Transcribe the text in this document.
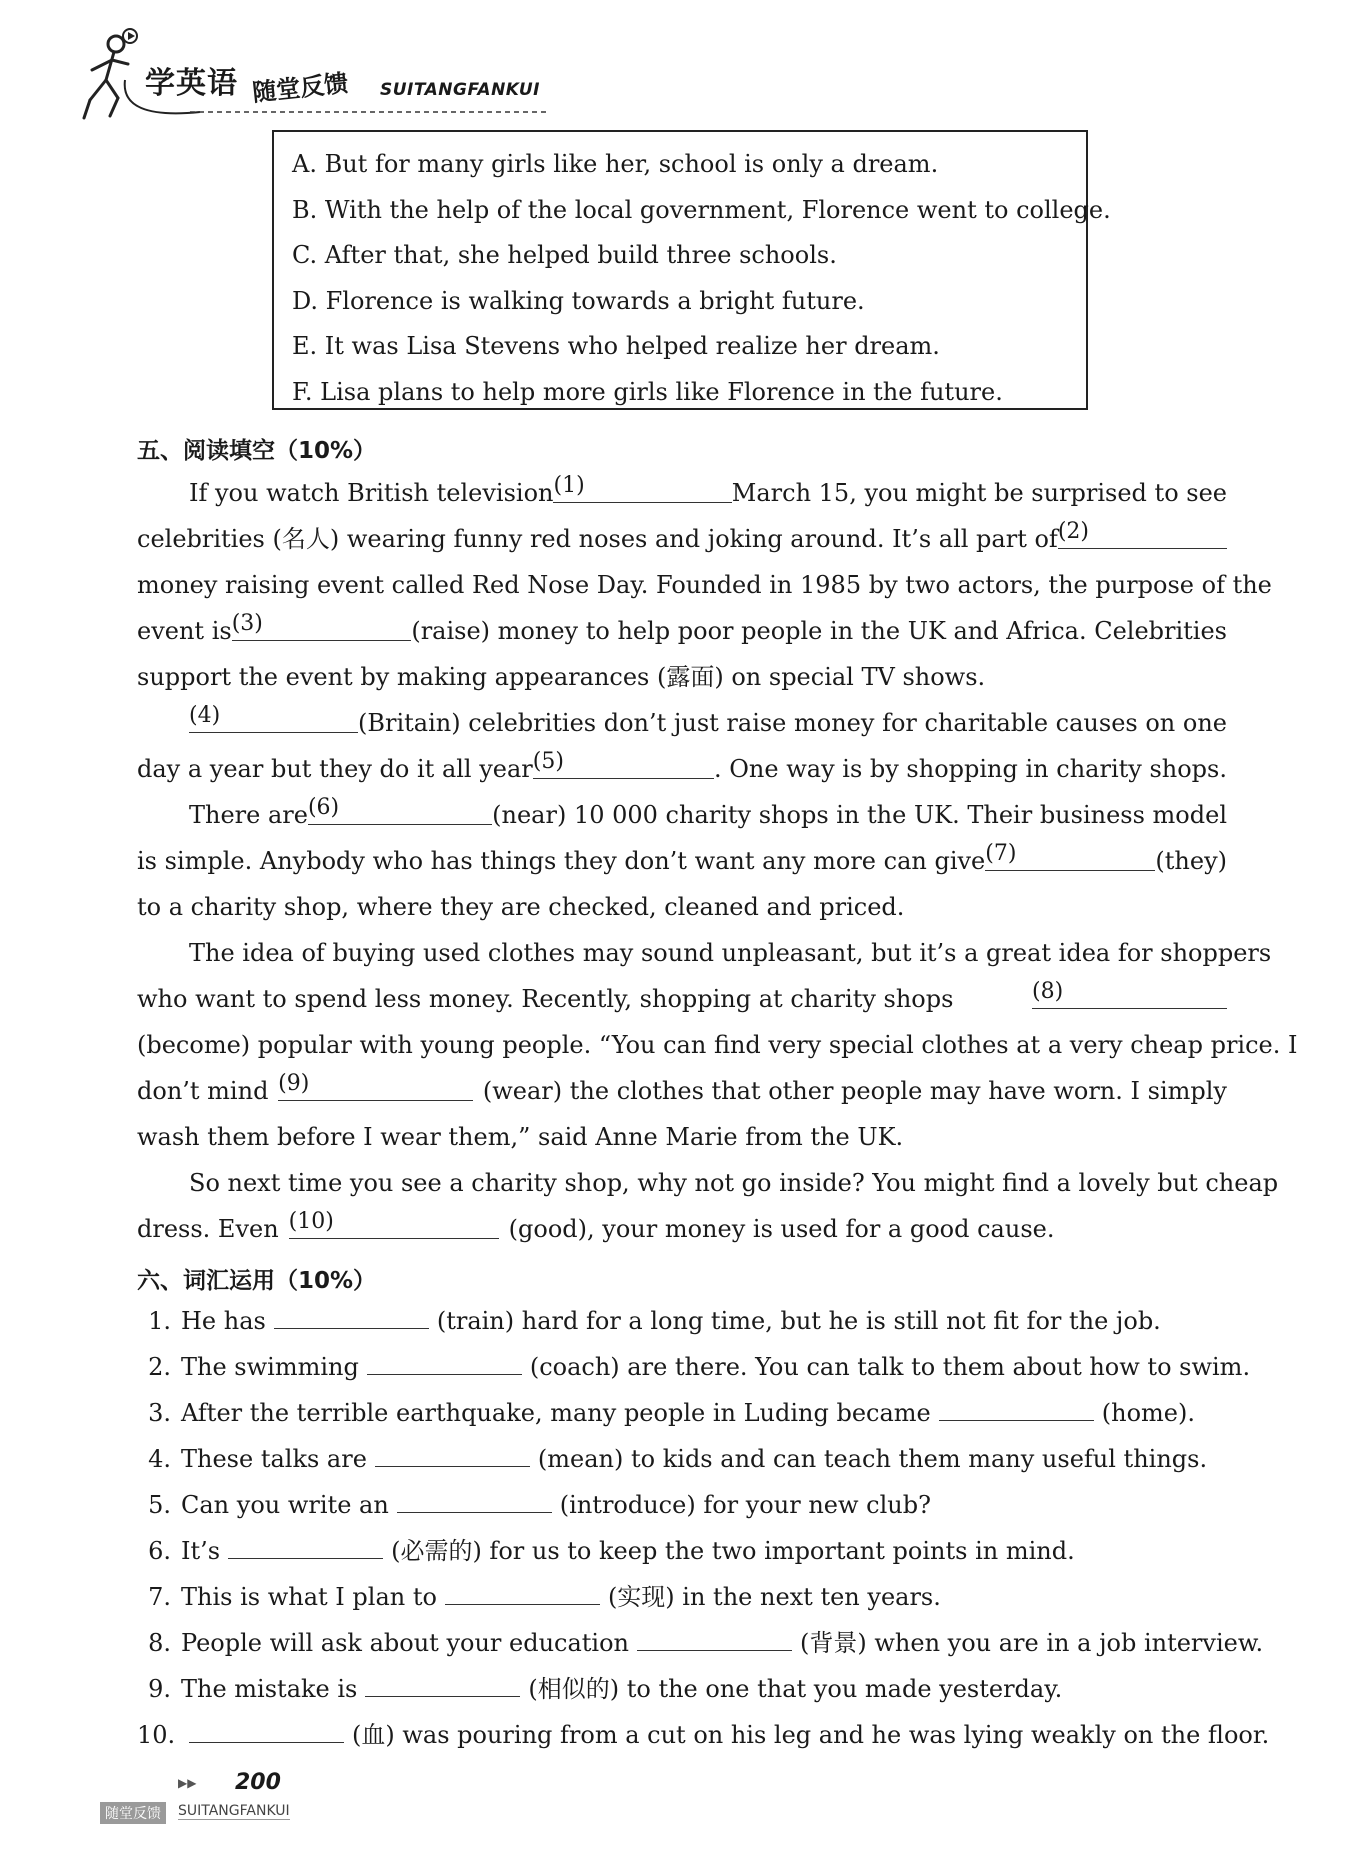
学英语 随堂反馈 SUITANGFANKUI
A. But for many girls like her, school is only a dream.
B. With the help of the local government, Florence went to college.
C. After that, she helped build three schools.
D. Florence is walking towards a bright future.
E. It was Lisa Stevens who helped realize her dream.
F. Lisa plans to help more girls like Florence in the future.
五、阅读填空（10%）
If you watch British television (1)	March 15, you might be surprised to see
celebrities (名人) wearing funny red noses and joking around. It’s all part of (2)
money raising event called Red Nose Day. Founded in 1985 by two actors, the purpose of the
event is (3)	(raise) money to help poor people in the UK and Africa. Celebrities
support the event by making appearances (露面) on special TV shows.
(4)	(Britain) celebrities don’t just raise money for charitable causes on one
day a year but they do it all year (5)	. One way is by shopping in charity shops.
There are (6)	(near) 10 000 charity shops in the UK. Their business model
is simple. Anybody who has things they don’t want any more can give (7)	(they)
to a charity shop, where they are checked, cleaned and priced.
The idea of buying used clothes may sound unpleasant, but it’s a great idea for shoppers
who want to spend less money. Recently, shopping at charity shops	(8)
(become) popular with young people. “You can find very special clothes at a very cheap price. I
don’t mind (9)	(wear) the clothes that other people may have worn. I simply
wash them before I wear them,” said Anne Marie from the UK.
So next time you see a charity shop, why not go inside? You might find a lovely but cheap
dress. Even (10)	(good), your money is used for a good cause.
六、词汇运用（10%）
1. He has	(train) hard for a long time, but he is still not fit for the job.
2. The swimming	(coach) are there. You can talk to them about how to swim.
3. After the terrible earthquake, many people in Luding became	(home).
4. These talks are	(mean) to kids and can teach them many useful things.
5. Can you write an	(introduce) for your new club?
6. It’s	(必需的) for us to keep the two important points in mind.
7. This is what I plan to	(实现) in the next ten years.
8. People will ask about your education	(背景) when you are in a job interview.
9. The mistake is	(相似的) to the one that you made yesterday.
10.	(血) was pouring from a cut on his leg and he was lying weakly on the floor.
▶▶ 200
随堂反馈	SUITANGFANKUI
